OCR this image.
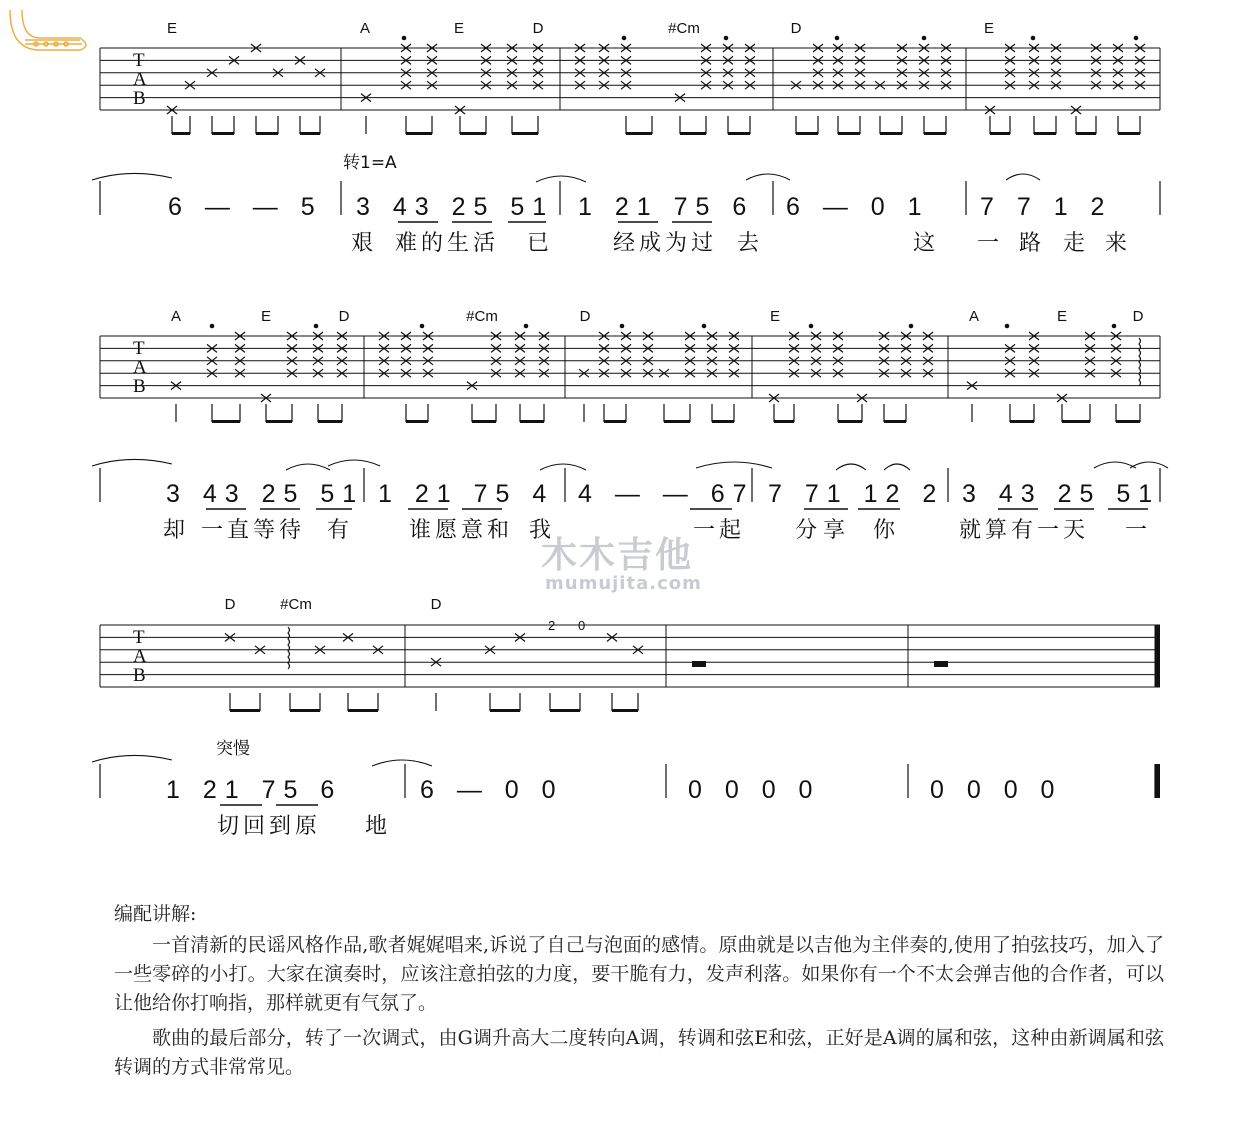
T
A
B
T
A
B
T
A
B
E	A	E	D	#Cm	D	E
A	E	D	#Cm	D	E	A	E	D
D	#Cm	D
2 0
6 — — 5 3 43 25 51 1 21 75 6 6 — 0 1 7 7 1 2
3 43 25 51 1 21 75 4 4 — — 67 7 71 12 2 3 43 25 51
1 21 75 6	6 — 0 0	0 0 0 0	0 0 0 0
艰 难 的 生 活 已	经 成 为 过 去	这 一 路 走 来
却 一 直 等 待 有	谁 愿 意 和 我	一 起 分 享 你	就 算 有 一 天 一
切 回 到 原 地
转1=A
突慢
木木吉他
mumujita.com
编配讲解:

一首清新的民谣风格作品,歌者娓娓唱来,诉说了自己与泡面的感情。原曲就是以吉他为主伴奏的,使用了拍弦技巧，加入了一些零碎的小打。大家在演奏时，应该注意拍弦的力度，要干脆有力，发声利落。如果你有一个不太会弹吉他的合作者，可以让他给你打响指，那样就更有气氛了。

歌曲的最后部分，转了一次调式，由G调升高大二度转向A调，转调和弦E和弦，正好是A调的属和弦，这种由新调属和弦转调的方式非常常见。
